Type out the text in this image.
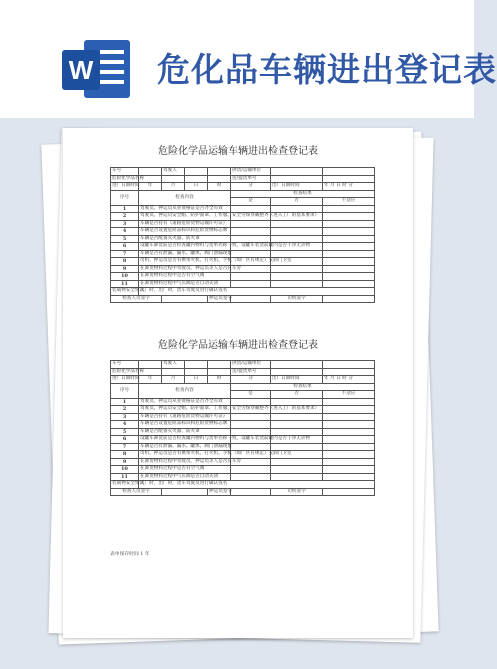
W 危化品车辆进出登记表
危险化学品运输车辆进出检查登记表
危险化学品运输车辆进出检查登记表
车号		驾驶人			供货/运输单位		
危险化学品名称					送/提货单号		
进厂日期时间	年	月	日	时	分	出厂日期时间	年 月 日 时 分
序号	检查内容				检查结果		
					是	否	不适应
1	驾驶员、押运员从业资格证是否齐全有效						
2	驾驶员、押运员安全帽、防护面罩、工作服、安全劳保穿戴整齐（进入工厂的基本要求）						
3	车辆是否持有《道路危险货物运输许可证》						
4	车辆是否设置危险品标识和危险货物标志牌						
5	车辆是否配备灭火器、防火罩						
6	设罐车卸货前是否检查罐内物料与货单名称一致，设罐车装货前罐内是否干净无杂物						
7	车辆是否有泄漏、漏水、罐体、阀门泄漏现象						
8	司机、押运员是否有携带火机、打火机、手机（如厂区有规定）交卸门卫室						
9	在卸货物料过程中驾驶员、押运员等人是否在车旁						
10	在卸货物料过程中是否有空气阀						
11	在卸货物料过程中气压阀是否自动关闭						
装载物安全情况	入厂时，出厂时，货车驾驶员进行确认签名						
检查人员签字				押运员签字		司机签字	
车号		驾驶人			供货/运输单位		
危险化学品名称					送/提货单号		
进厂日期时间	年	月	日	时	分	出厂日期时间	年 月 日 时 分
序号	检查内容				检查结果		
					是	否	不适应
1	驾驶员、押运员从业资格证是否齐全有效						
2	驾驶员、押运员安全帽、防护面罩、工作服、安全劳保穿戴整齐（进入工厂的基本要求）						
3	车辆是否持有《道路危险货物运输许可证》						
4	车辆是否设置危险品标识和危险货物标志牌						
5	车辆是否配备灭火器、防火罩						
6	设罐车卸货前是否检查罐内物料与货单名称一致，设罐车装货前罐内是否干净无杂物						
7	车辆是否有泄漏、漏水、罐体、阀门泄漏现象						
8	司机、押运员是否有携带火机、打火机、手机（如厂区有规定）交卸门卫室						
9	在卸货物料过程中驾驶员、押运员等人是否在车旁						
10	在卸货物料过程中是否有空气阀						
11	在卸货物料过程中气压阀是否自动关闭						
装载物安全情况	入厂时，出厂时，货车驾驶员进行确认签名						
检查人员签字				押运员签字		司机签字	
表单保存时间 1 年
